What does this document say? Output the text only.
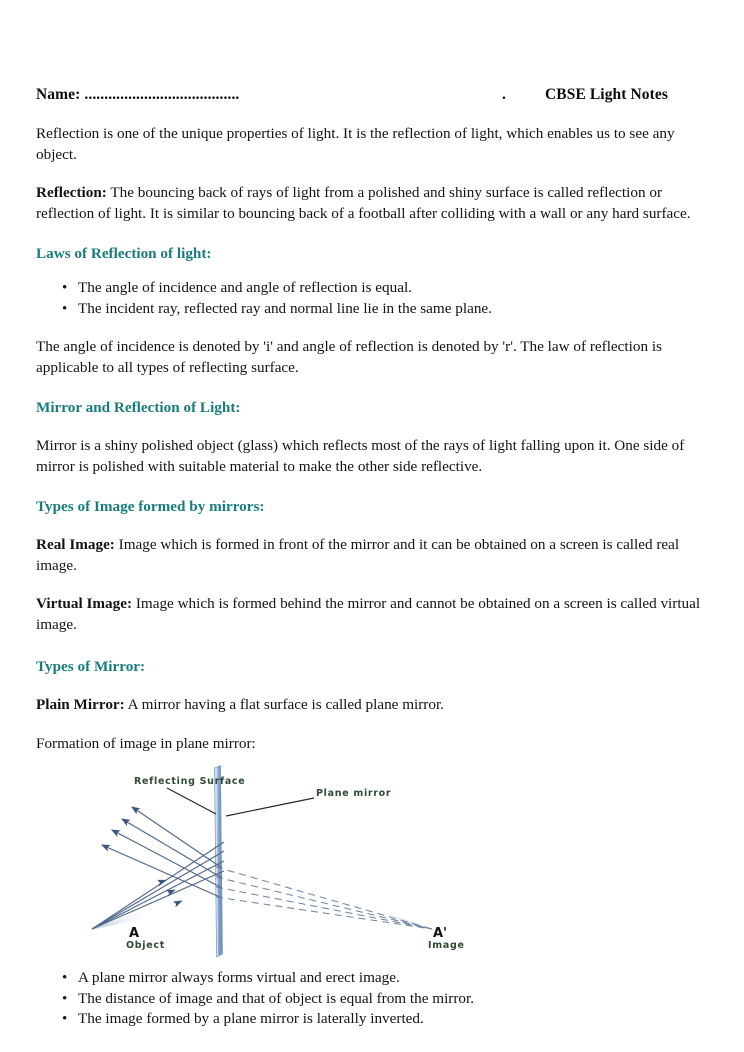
Name: .......................................	.	CBSE Light Notes

Reflection is one of the unique properties of light. It is the reflection of light, which enables us to see any object.

Reflection: The bouncing back of rays of light from a polished and shiny surface is called reflection or reflection of light. It is similar to bouncing back of a football after colliding with a wall or any hard surface.

Laws of Reflection of light:
• The angle of incidence and angle of reflection is equal.
• The incident ray, reflected ray and normal line lie in the same plane.

The angle of incidence is denoted by 'i' and angle of reflection is denoted by 'r'. The law of reflection is applicable to all types of reflecting surface.

Mirror and Reflection of Light:

Mirror is a shiny polished object (glass) which reflects most of the rays of light falling upon it. One side of mirror is polished with suitable material to make the other side reflective.

Types of Image formed by mirrors:

Real Image: Image which is formed in front of the mirror and it can be obtained on a screen is called real image.

Virtual Image: Image which is formed behind the mirror and cannot be obtained on a screen is called virtual image.

Types of Mirror:

Plain Mirror: A mirror having a flat surface is called plane mirror.

Formation of image in plane mirror:

Reflecting Surface
Plane mirror
A
Object
A'
Image
• A plane mirror always forms virtual and erect image.
• The distance of image and that of object is equal from the mirror.
• The image formed by a plane mirror is laterally inverted.
